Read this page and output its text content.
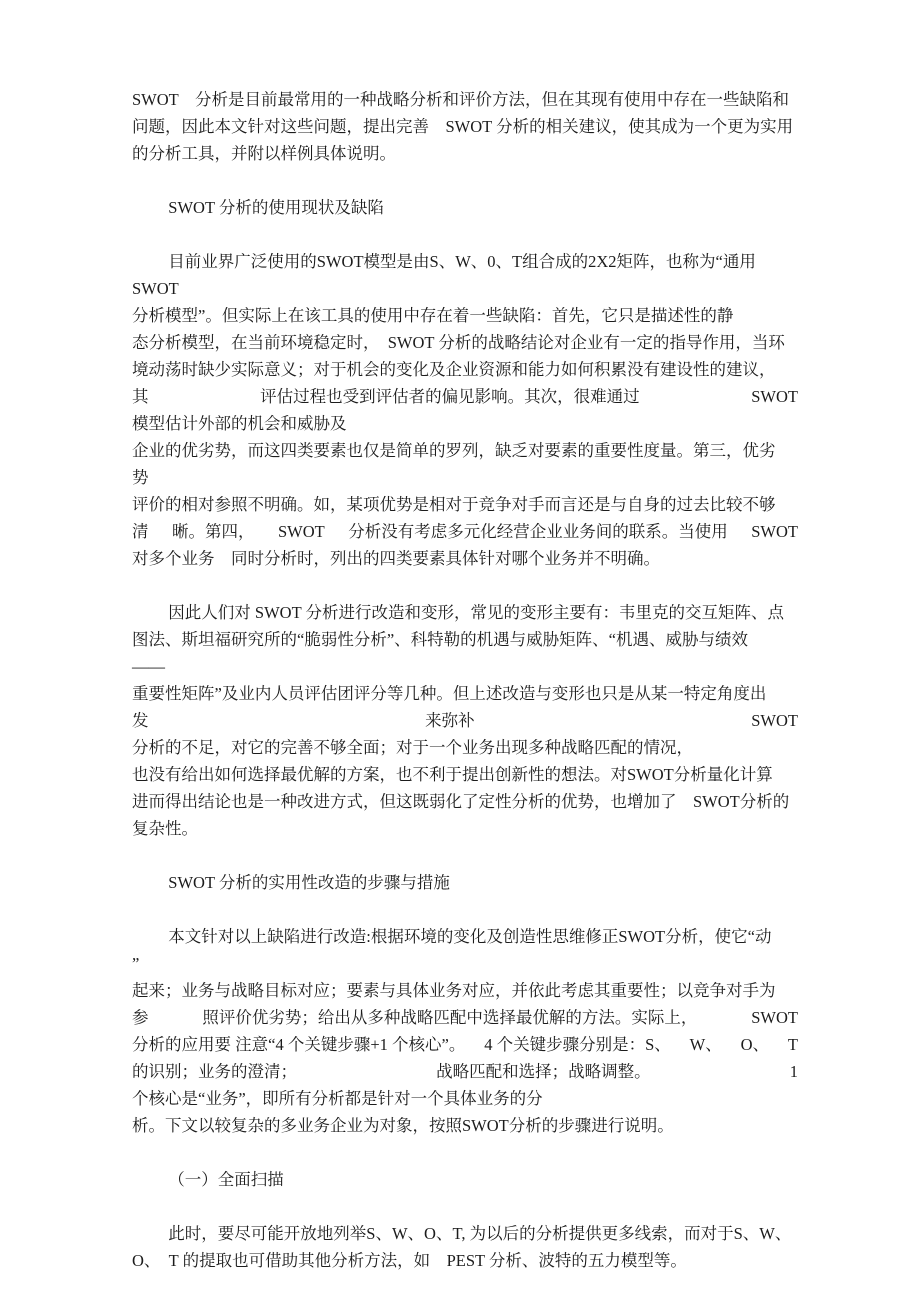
SWOT　分析是目前最常用的一种战略分析和评价方法，但在其现有使用中存在一些缺陷和
问题，因此本文针对这些问题，提出完善　SWOT 分析的相关建议，使其成为一个更为实用
的分析工具，并附以样例具体说明。
SWOT 分析的使用现状及缺陷
目前业界广泛使用的SWOT模型是由S、W、0、T组合成的2X2矩阵，也称为“通用
SWOT
分析模型”。但实际上在该工具的使用中存在着一些缺陷：首先，它只是描述性的静
态分析模型，在当前环境稳定时，　SWOT 分析的战略结论对企业有一定的指导作用，当环
境动荡时缺少实际意义；对于机会的变化及企业资源和能力如何积累没有建设性的建议，
其	评估过程也受到评估者的偏见影响。其次，很难通过	SWOT
模型估计外部的机会和威胁及
企业的优劣势，而这四类要素也仅是简单的罗列，缺乏对要素的重要性度量。第三，优劣
势
评价的相对参照不明确。如，某项优势是相对于竞争对手而言还是与自身的过去比较不够
清 晰。第四， SWOT 分析没有考虑多元化经营企业业务间的联系。当使用 SWOT
对多个业务　同时分析时，列出的四类要素具体针对哪个业务并不明确。
因此人们对 SWOT 分析进行改造和变形，常见的变形主要有：韦里克的交互矩阵、点
图法、斯坦福研究所的“脆弱性分析”、科特勒的机遇与威胁矩阵、“机遇、威胁与绩效
——
重要性矩阵”及业内人员评估团评分等几种。但上述改造与变形也只是从某一特定角度出
发	来弥补	SWOT
分析的不足，对它的完善不够全面；对于一个业务出现多种战略匹配的情况，
也没有给出如何选择最优解的方案，也不利于提出创新性的想法。对SWOT分析量化计算
进而得出结论也是一种改进方式，但这既弱化了定性分析的优势，也增加了　SWOT分析的
复杂性。
SWOT 分析的实用性改造的步骤与措施
本文针对以上缺陷进行改造:根据环境的变化及创造性思维修正SWOT分析，使它“动
”
起来；业务与战略目标对应；要素与具体业务对应，并依此考虑其重要性；以竞争对手为
参	照评价优劣势；给出从多种战略匹配中选择最优解的方法。实际上，	SWOT
分析的应用要 注意“4 个关键步骤+1 个核心”。 4 个关键步骤分别是：S、 W、 O、 T
的识别；业务的澄清；	战略匹配和选择；战略调整。	1
个核心是“业务”，即所有分析都是针对一个具体业务的分
析。下文以较复杂的多业务企业为对象，按照SWOT分析的步骤进行说明。
（一）全面扫描
此时，要尽可能开放地列举S、W、O、T, 为以后的分析提供更多线索，而对于S、W、
O、　T 的提取也可借助其他分析方法，如　PEST 分析、波特的五力模型等。
